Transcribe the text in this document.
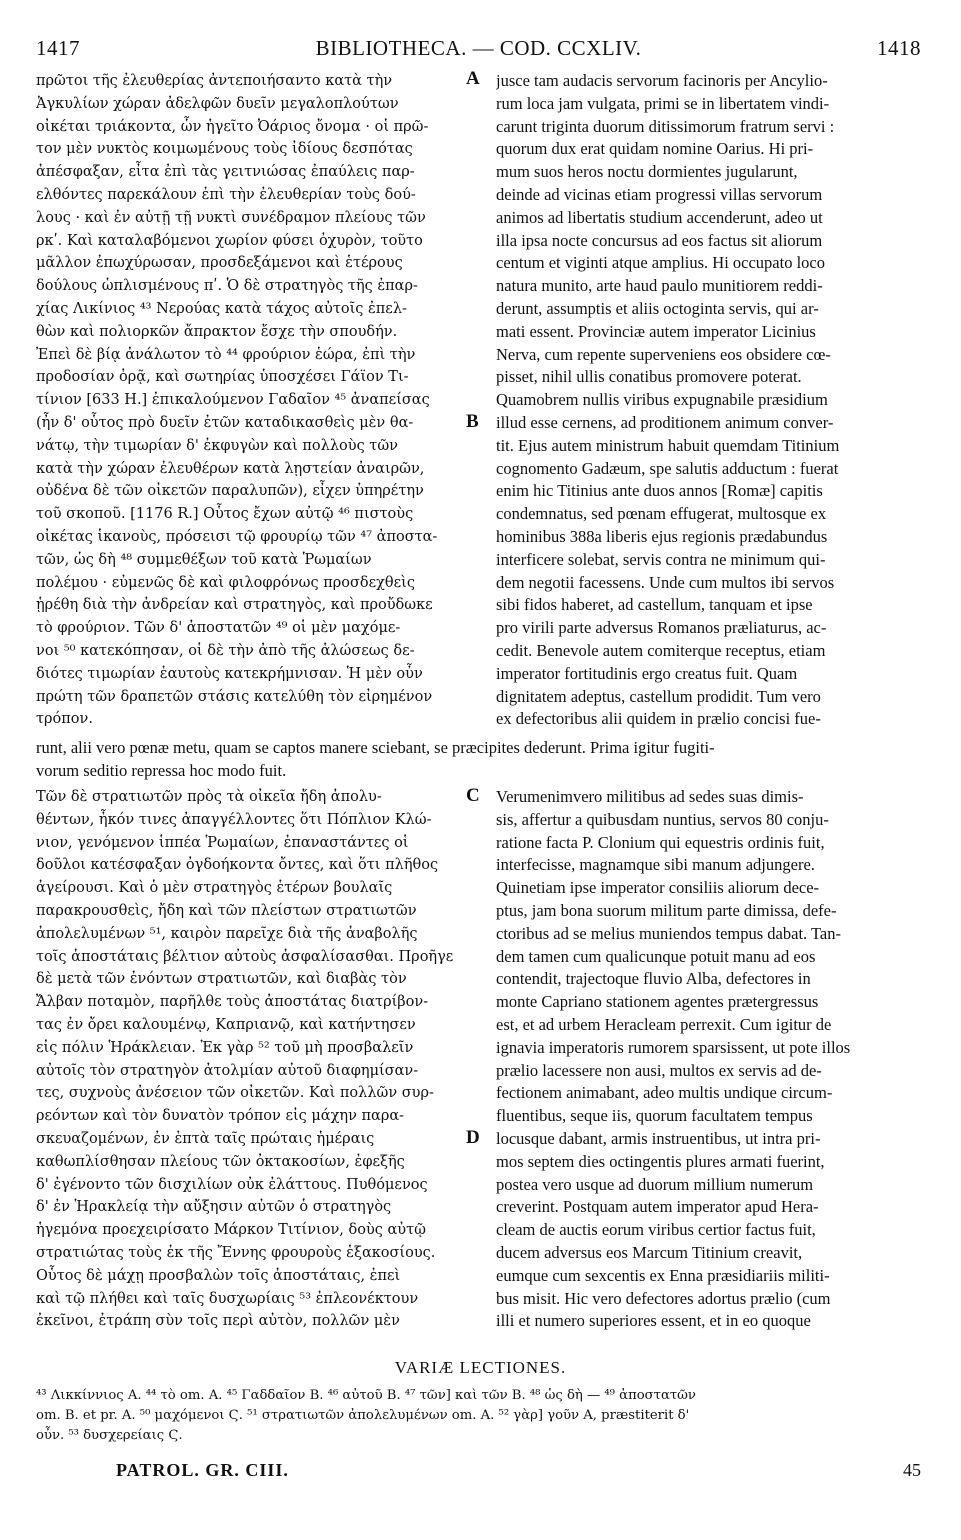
1417	BIBLIOTHECA. — COD. CCXLIV.	1418
πρῶτοι τῆς ἐλευθερίας ἀντεποιήσαντο κατὰ τὴν
Ἀγκυλίων χώραν ἀδελφῶν δυεῖν μεγαλοπλούτων
οἰκέται τριάκοντα, ὧν ἡγεῖτο Ὀάριος ὄνομα · οἱ πρῶ-
τον μὲν νυκτὸς κοιμωμένους τοὺς ἰδίους δεσπότας
ἀπέσφαξαν, εἶτα ἐπὶ τὰς γειτνιώσας ἐπαύλεις παρ-
ελθόντες παρεκάλουν ἐπὶ τὴν ἐλευθερίαν τοὺς δού-
λους · καὶ ἐν αὐτῇ τῇ νυκτὶ συνέδραμον πλείους τῶν
ρκʹ. Καὶ καταλαβόμενοι χωρίον φύσει ὀχυρὸν, τοῦτο
μᾶλλον ἐπωχύρωσαν, προσδεξάμενοι καὶ ἑτέρους
δούλους ὡπλισμένους πʹ. Ὁ δὲ στρατηγὸς τῆς ἐπαρ-
χίας Λικίνιος ⁴³ Νερούας κατὰ τάχος αὐτοῖς ἐπελ-
θὼν καὶ πολιορκῶν ἄπρακτον ἔσχε τὴν σπουδήν.
Ἐπεὶ δὲ βίᾳ ἀνάλωτον τὸ ⁴⁴ φρούριον ἑώρα, ἐπὶ τὴν
προδοσίαν ὁρᾷ, καὶ σωτηρίας ὑποσχέσει Γάϊον Τι-
τίνιον [633 H.] ἐπικαλούμενον Γαδαῖον ⁴⁵ ἀναπείσας
(ἦν δ' οὗτος πρὸ δυεῖν ἐτῶν καταδικασθεὶς μὲν θα-
νάτῳ, τὴν τιμωρίαν δ' ἐκφυγὼν καὶ πολλοὺς τῶν
κατὰ τὴν χώραν ἐλευθέρων κατὰ λῃστείαν ἀναιρῶν,
οὐδένα δὲ τῶν οἰκετῶν παραλυπῶν), εἶχεν ὑπηρέτην
τοῦ σκοποῦ. [1176 R.] Οὗτος ἔχων αὐτῷ ⁴⁶ πιστοὺς
οἰκέτας ἱκανοὺς, πρόσεισι τῷ φρουρίῳ τῶν ⁴⁷ ἀποστα-
τῶν, ὡς δὴ ⁴⁸ συμμεθέξων τοῦ κατὰ Ῥωμαίων
πολέμου · εὐμενῶς δὲ καὶ φιλοφρόνως προσδεχθεὶς
ᾑρέθη διὰ τὴν ἀνδρείαν καὶ στρατηγὸς, καὶ προὔδωκε
τὸ φρούριον. Τῶν δ' ἀποστατῶν ⁴⁹ οἱ μὲν μαχόμε-
νοι ⁵⁰ κατεκόπησαν, οἱ δὲ τὴν ἀπὸ τῆς ἁλώσεως δε-
διότες τιμωρίαν ἑαυτοὺς κατεκρήμνισαν. Ἡ μὲν οὖν
πρώτη τῶν δραπετῶν στάσις κατελύθη τὸν εἰρημένον
τρόπον.
jusce tam audacis servorum facinoris per Ancylio-
rum loca jam vulgata, primi se in libertatem vindi-
carunt triginta duorum ditissimorum fratrum servi :
quorum dux erat quidam nomine Oarius. Hi pri-
mum suos heros noctu dormientes jugularunt,
deinde ad vicinas etiam progressi villas servorum
animos ad libertatis studium accenderunt, adeo ut
illa ipsa nocte concursus ad eos factus sit aliorum
centum et viginti atque amplius. Hi occupato loco
natura munito, arte haud paulo munitiorem reddi-
derunt, assumptis et aliis octoginta servis, qui ar-
mati essent. Provinciæ autem imperator Licinius
Nerva, cum repente superveniens eos obsidere cœ-
pisset, nihil ullis conatibus promovere poterat.
Quamobrem nullis viribus expugnabile præsidium
illud esse cernens, ad proditionem animum conver-
tit. Ejus autem ministrum habuit quemdam Titinium
cognomento Gadæum, spe salutis adductum : fuerat
enim hic Titinius ante duos annos [Romæ] capitis
condemnatus, sed pœnam effugerat, multosque ex
hominibus 388a liberis ejus regionis prædabundus
interficere solebat, servis contra ne minimum qui-
dem negotii facessens. Unde cum multos ibi servos
sibi fidos haberet, ad castellum, tanquam et ipse
pro virili parte adversus Romanos præliaturus, ac-
cedit. Benevole autem comiterque receptus, etiam
imperator fortitudinis ergo creatus fuit. Quam
dignitatem adeptus, castellum prodidit. Tum vero
ex defectoribus alii quidem in prælio concisi fue-
A
B
runt, alii vero pœnæ metu, quam se captos manere sciebant, se præcipites dederunt. Prima igitur fugiti-
vorum seditio repressa hoc modo fuit.
Τῶν δὲ στρατιωτῶν πρὸς τὰ οἰκεῖα ἤδη ἀπολυ-
θέντων, ἧκόν τινες ἀπαγγέλλοντες ὅτι Πόπλιον Κλώ-
νιον, γενόμενον ἱππέα Ῥωμαίων, ἐπαναστάντες οἱ
δοῦλοι κατέσφαξαν ὀγδοήκοντα ὄντες, καὶ ὅτι πλῆθος
ἀγείρουσι. Καὶ ὁ μὲν στρατηγὸς ἑτέρων βουλαῖς
παρακρουσθεὶς, ἤδη καὶ τῶν πλείστων στρατιωτῶν
ἀπολελυμένων ⁵¹, καιρὸν παρεῖχε διὰ τῆς ἀναβολῆς
τοῖς ἀποστάταις βέλτιον αὐτοὺς ἀσφαλίσασθαι. Προῆγε
δὲ μετὰ τῶν ἐνόντων στρατιωτῶν, καὶ διαβὰς τὸν
Ἄλβαν ποταμὸν, παρῆλθε τοὺς ἀποστάτας διατρίβον-
τας ἐν ὄρει καλουμένῳ, Καπριανῷ, καὶ κατήντησεν
εἰς πόλιν Ἡράκλειαν. Ἐκ γὰρ ⁵² τοῦ μὴ προσβαλεῖν
αὐτοῖς τὸν στρατηγὸν ἀτολμίαν αὐτοῦ διαφημίσαν-
τες, συχνοὺς ἀνέσειον τῶν οἰκετῶν. Καὶ πολλῶν συρ-
ρεόντων καὶ τὸν δυνατὸν τρόπον εἰς μάχην παρα-
σκευαζομένων, ἐν ἑπτὰ ταῖς πρώταις ἡμέραις
καθωπλίσθησαν πλείους τῶν ὀκτακοσίων, ἐφεξῆς
δ' ἐγένοντο τῶν δισχιλίων οὐκ ἐλάττους. Πυθόμενος
δ' ἐν Ἡρακλείᾳ τὴν αὔξησιν αὐτῶν ὁ στρατηγὸς
ἡγεμόνα προεχειρίσατο Μάρκον Τιτίνιον, δοὺς αὐτῷ
στρατιώτας τοὺς ἐκ τῆς Ἔννης φρουροὺς ἑξακοσίους.
Οὗτος δὲ μάχῃ προσβαλὼν τοῖς ἀποστάταις, ἐπεὶ
καὶ τῷ πλήθει καὶ ταῖς δυσχωρίαις ⁵³ ἐπλεονέκτουν
ἐκεῖνοι, ἐτράπη σὺν τοῖς περὶ αὐτὸν, πολλῶν μὲν
Verumenimvero militibus ad sedes suas dimis-
sis, affertur a quibusdam nuntius, servos 80 conju-
ratione facta P. Clonium qui equestris ordinis fuit,
interfecisse, magnamque sibi manum adjungere.
Quinetiam ipse imperator consiliis aliorum dece-
ptus, jam bona suorum militum parte dimissa, defe-
ctoribus ad se melius muniendos tempus dabat. Tan-
dem tamen cum qualicunque potuit manu ad eos
contendit, trajectoque fluvio Alba, defectores in
monte Capriano stationem agentes prætergressus
est, et ad urbem Heracleam perrexit. Cum igitur de
ignavia imperatoris rumorem sparsissent, ut pote illos
prælio lacessere non ausi, multos ex servis ad de-
fectionem animabant, adeo multis undique circum-
fluentibus, seque iis, quorum facultatem tempus
locusque dabant, armis instruentibus, ut intra pri-
mos septem dies octingentis plures armati fuerint,
postea vero usque ad duorum millium numerum
creverint. Postquam autem imperator apud Hera-
cleam de auctis eorum viribus certior factus fuit,
ducem adversus eos Marcum Titinium creavit,
eumque cum sexcentis ex Enna præsidiariis militi-
bus misit. Hic vero defectores adortus prælio (cum
illi et numero superiores essent, et in eo quoque
C
D
VARIÆ LECTIONES.
⁴³ Λικκίννιος A. ⁴⁴ τὸ om. A. ⁴⁵ Γαδδαῖον B. ⁴⁶ αὐτοῦ B. ⁴⁷ τῶν] καὶ τῶν B. ⁴⁸ ὡς δὴ — ⁴⁹ ἀποστατῶν
om. B. et pr. A. ⁵⁰ μαχόμενοι Ϛ. ⁵¹ στρατιωτῶν ἀπολελυμένων om. A. ⁵² γὰρ] γοῦν A, præstiterit δ'
οὖν. ⁵³ δυσχερείαις Ϛ.
PATROL. GR. CIII.	45
